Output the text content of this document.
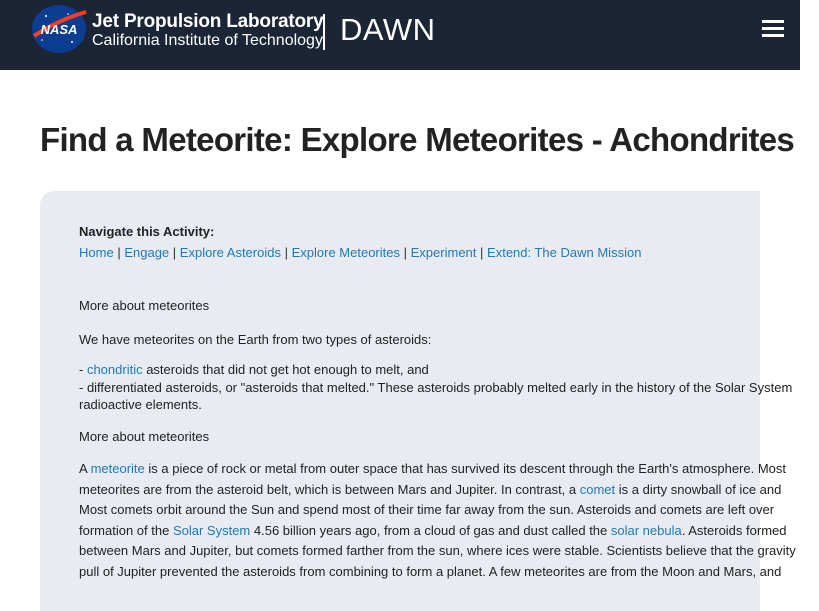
NASA Jet Propulsion Laboratory
California Institute of Technology DAWN
Find a Meteorite: Explore Meteorites - Achondrites
Navigate this Activity:
Home | Engage | Explore Asteroids | Explore Meteorites | Experiment | Extend: The Dawn Mission
More about meteorites
We have meteorites on the Earth from two types of asteroids:
- chondritic asteroids that did not get hot enough to melt, and
- differentiated asteroids, or "asteroids that melted." These asteroids probably melted early in the history of the Solar System
radioactive elements.
More about meteorites
A meteorite is a piece of rock or metal from outer space that has survived its descent through the Earth's atmosphere. Most
meteorites are from the asteroid belt, which is between Mars and Jupiter. In contrast, a comet is a dirty snowball of ice and
Most comets orbit around the Sun and spend most of their time far away from the sun. Asteroids and comets are left over
formation of the Solar System 4.56 billion years ago, from a cloud of gas and dust called the solar nebula. Asteroids formed
between Mars and Jupiter, but comets formed farther from the sun, where ices were stable. Scientists believe that the gravity
pull of Jupiter prevented the asteroids from combining to form a planet. A few meteorites are from the Moon and Mars, and
